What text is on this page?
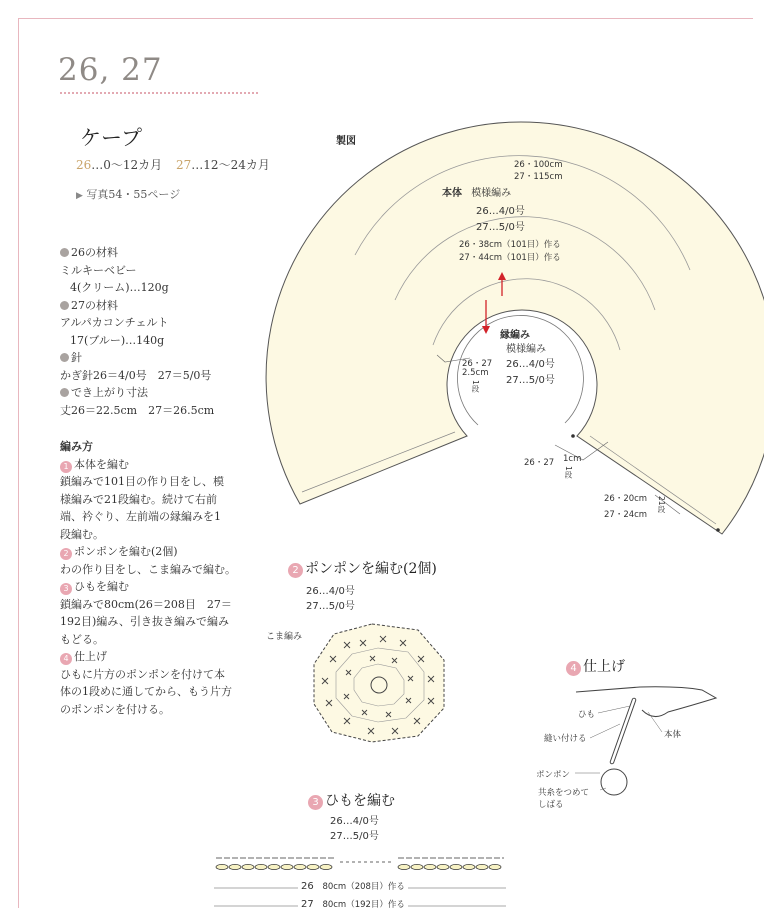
26, 27
ケープ
26…0〜12カ月 27…12〜24カ月
▶ 写真54・55ページ
26の材料
ミルキーベビー
4(クリーム)…120g
27の材料
アルパカコンチェルト
17(ブルー)…140g
針
かぎ針26＝4/0号　27＝5/0号
でき上がり寸法
丈26＝22.5cm　27＝26.5cm
編み方
1 本体を編む
鎖編みで101目の作り目をし、模
様編みで21段編む。続けて右前
端、衿ぐり、左前端の縁編みを1
段編む。
2 ポンポンを編む(2個)
わの作り目をし、こま編みで編む。
3 ひもを編む
鎖編みで80cm(26＝208目　27＝
192目)編み、引き抜き編みで編み
もどる。
4 仕上げ
ひもに片方のポンポンを付けて本
体の1段めに通してから、もう片方
のポンポンを付ける。
製図
26・100cm
27・115cm
本体 模様編み
26…4/0号
27…5/0号
26・38cm（101目）作る
27・44cm（101目）作る
縁編み
模様編み
26…4/0号
27…5/0号
26・27
2.5cm
1段
26・27 1cm
1段
26・20cm
27・24cm
21段
2 ポンポンを編む(2個)
26…4/0号
27…5/0号
こま編み
3 ひもを編む
26…4/0号
27…5/0号
26 80cm（208目）作る
27 80cm（192目）作る
4 仕上げ
ひも
本体
縫い付ける
ポンポン
共糸をつめて
しばる
